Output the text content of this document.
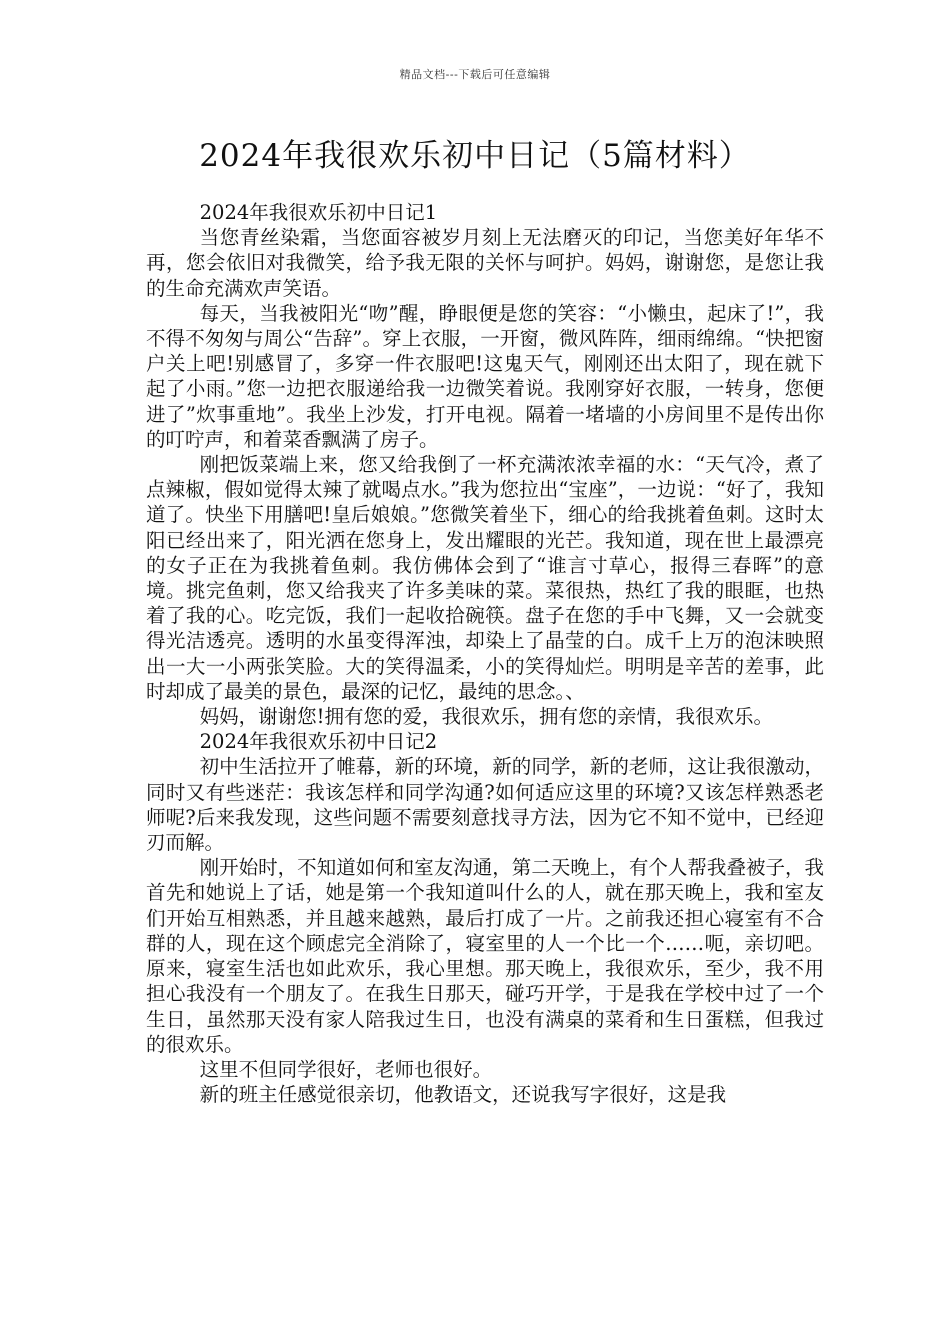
精品文档---下载后可任意编辑
2024年我很欢乐初中日记（5篇材料）

2024年我很欢乐初中日记1

当您青丝染霜，当您面容被岁月刻上无法磨灭的印记，当您美好年华不再，您会依旧对我微笑，给予我无限的关怀与呵护。妈妈，谢谢您，是您让我的生命充满欢声笑语。

每天，当我被阳光“吻”醒，睁眼便是您的笑容：“小懒虫，起床了!”，我不得不匆匆与周公“告辞”。穿上衣服，一开窗，微风阵阵，细雨绵绵。“快把窗户关上吧!别感冒了，多穿一件衣服吧!这鬼天气，刚刚还出太阳了，现在就下起了小雨。”您一边把衣服递给我一边微笑着说。我刚穿好衣服，一转身，您便进了”炊事重地”。我坐上沙发，打开电视。隔着一堵墙的小房间里不是传出你的叮咛声，和着菜香飘满了房子。

刚把饭菜端上来，您又给我倒了一杯充满浓浓幸福的水：“天气冷，煮了点辣椒，假如觉得太辣了就喝点水。”我为您拉出“宝座”，一边说：“好了，我知道了。快坐下用膳吧!皇后娘娘。”您微笑着坐下，细心的给我挑着鱼刺。这时太阳已经出来了，阳光洒在您身上，发出耀眼的光芒。我知道，现在世上最漂亮的女子正在为我挑着鱼刺。我仿佛体会到了“谁言寸草心，报得三春晖”的意境。挑完鱼刺，您又给我夹了许多美味的菜。菜很热，热红了我的眼眶，也热着了我的心。吃完饭，我们一起收拾碗筷。盘子在您的手中飞舞，又一会就变得光洁透亮。透明的水虽变得浑浊，却染上了晶莹的白。成千上万的泡沫映照出一大一小两张笑脸。大的笑得温柔，小的笑得灿烂。明明是辛苦的差事，此时却成了最美的景色，最深的记忆，最纯的思念。、

妈妈，谢谢您!拥有您的爱，我很欢乐，拥有您的亲情，我很欢乐。

2024年我很欢乐初中日记2

初中生活拉开了帷幕，新的环境，新的同学，新的老师，这让我很激动，同时又有些迷茫：我该怎样和同学沟通?如何适应这里的环境?又该怎样熟悉老师呢?后来我发现，这些问题不需要刻意找寻方法，因为它不知不觉中，已经迎刃而解。

刚开始时，不知道如何和室友沟通，第二天晚上，有个人帮我叠被子，我首先和她说上了话，她是第一个我知道叫什么的人，就在那天晚上，我和室友们开始互相熟悉，并且越来越熟，最后打成了一片。之前我还担心寝室有不合群的人，现在这个顾虑完全消除了，寝室里的人一个比一个……呃，亲切吧。原来，寝室生活也如此欢乐，我心里想。那天晚上，我很欢乐，至少，我不用担心我没有一个朋友了。在我生日那天，碰巧开学，于是我在学校中过了一个生日，虽然那天没有家人陪我过生日，也没有满桌的菜肴和生日蛋糕，但我过的很欢乐。

这里不但同学很好，老师也很好。

新的班主任感觉很亲切，他教语文，还说我写字很好，这是我
